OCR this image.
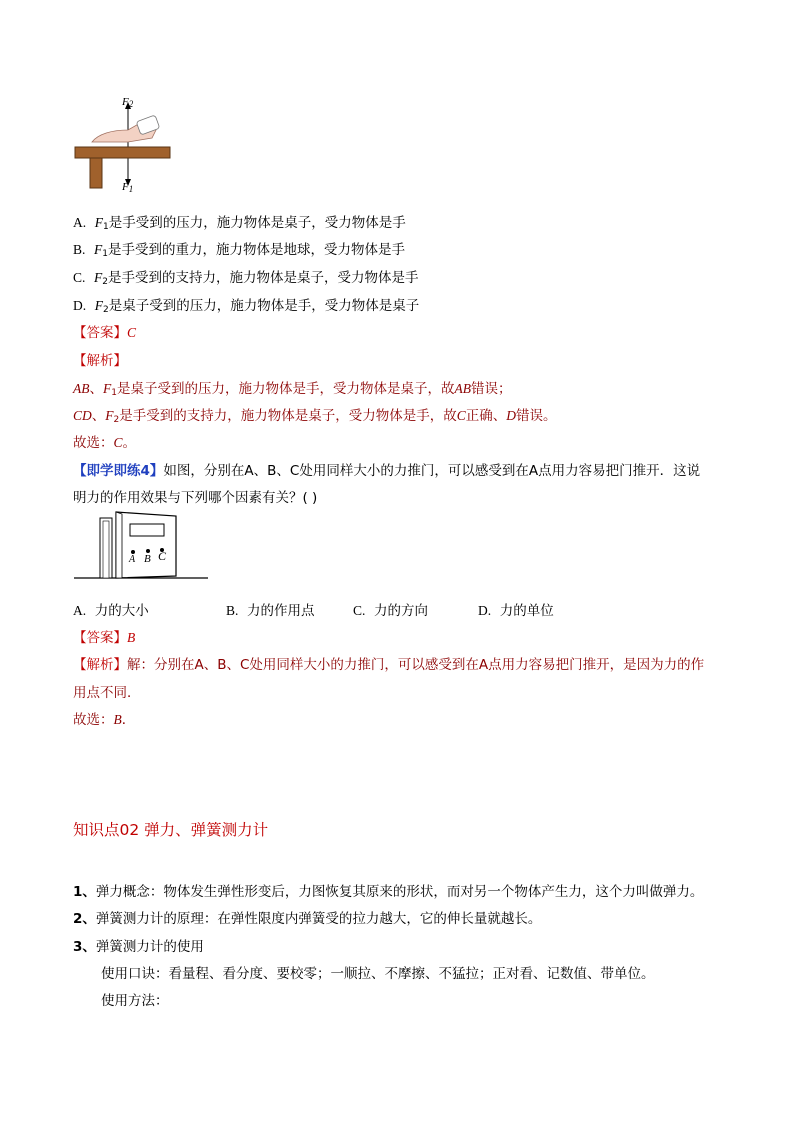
$F_2$
$F_1$
A. $F_1$是手受到的压力，施力物体是桌子，受力物体是手
B. $F_1$是手受到的重力，施力物体是地球，受力物体是手
C. $F_2$是手受到的支持力，施力物体是桌子，受力物体是手
D. $F_2$是桌子受到的压力，施力物体是手，受力物体是桌子
【答案】C
【解析】
AB、$F_1$是桌子受到的压力，施力物体是手，受力物体是桌子，故AB错误；
CD、$F_2$是手受到的支持力，施力物体是桌子，受力物体是手，故C正确、D错误。
故选：C。
【即学即练4】如图，分别在A、B、C处用同样大小的力推门，可以感受到在A点用力容易把门推开．这说
明力的作用效果与下列哪个因素有关？( )
A B C
A. 力的大小	B. 力的作用点	C. 力的方向	D. 力的单位
【答案】B
【解析】解：分别在A、B、C处用同样大小的力推门，可以感受到在A点用力容易把门推开，是因为力的作
用点不同．
故选：B．
知识点02 弹力、弹簧测力计
1、弹力概念：物体发生弹性形变后，力图恢复其原来的形状，而对另一个物体产生力，这个力叫做弹力。
2、弹簧测力计的原理：在弹性限度内弹簧受的拉力越大，它的伸长量就越长。
3、弹簧测力计的使用
使用口诀：看量程、看分度、要校零；一顺拉、不摩擦、不猛拉；正对看、记数值、带单位。
使用方法：
